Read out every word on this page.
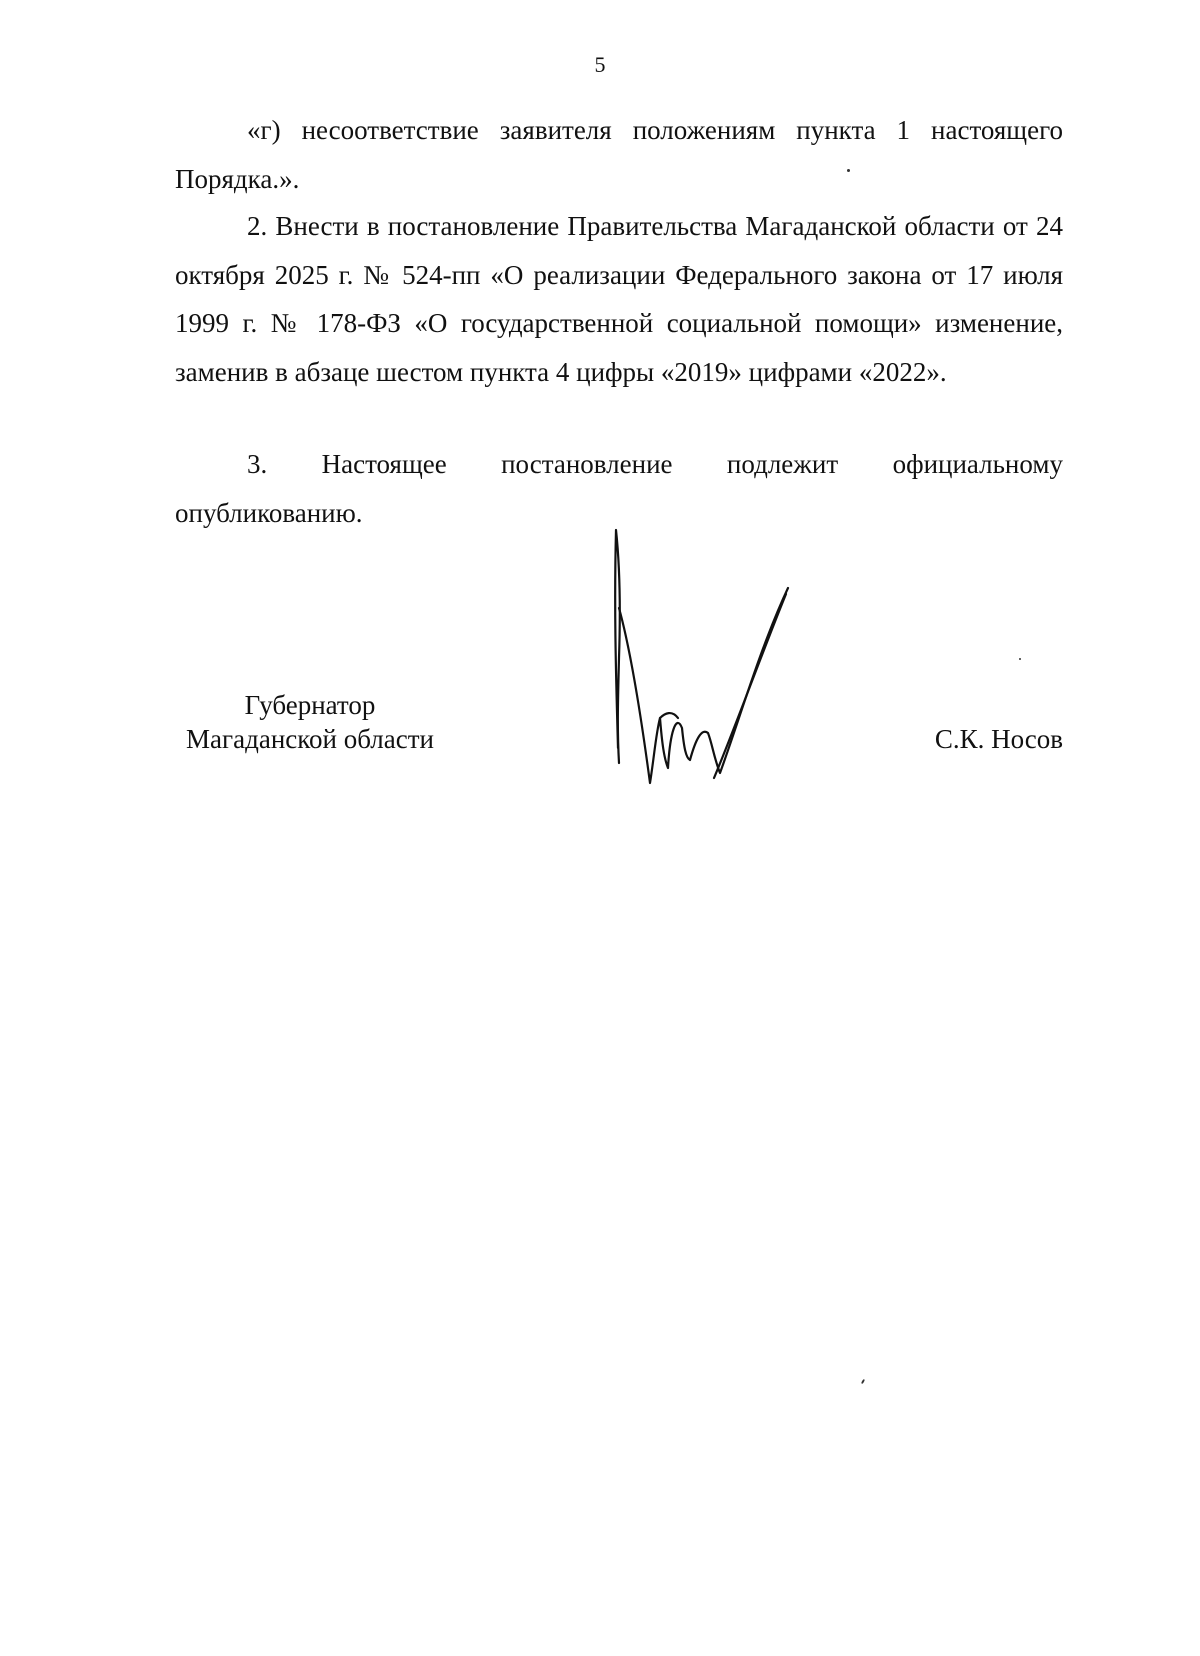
5

«г) несоответствие заявителя положениям пункта 1 настоящего Порядка.».

2. Внести в постановление Правительства Магаданской области от 24 октября 2025 г. № 524-пп «О реализации Федерального закона от 17 июля 1999 г. № 178-ФЗ «О государственной социальной помощи» изменение, заменив в абзаце шестом пункта 4 цифры «2019» цифрами «2022».

3. Настоящее постановление подлежит официальному
опубликованию.
Губернатор
Магаданской области	С.К. Носов
